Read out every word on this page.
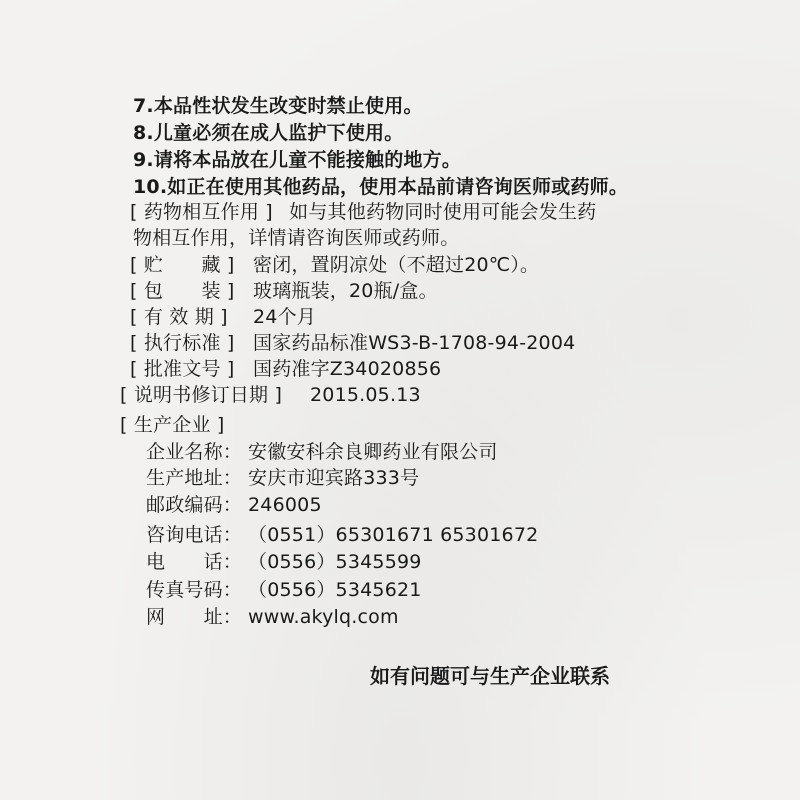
7.本品性状发生改变时禁止使用。
8.儿童必须在成人监护下使用。
9.请将本品放在儿童不能接触的地方。
10.如正在使用其他药品，使用本品前请咨询医师或药师。
[ 药物相互作用 ] 如与其他药物同时使用可能会发生药
物相互作用，详情请咨询医师或药师。
[ 贮　　藏 ] 密闭，置阴凉处（不超过20℃）。
[ 包　　装 ] 玻璃瓶装，20瓶/盒。
[ 有 效 期 ] 24个月
[ 执行标准 ] 国家药品标准WS3-B-1708-94-2004
[ 批准文号 ] 国药准字Z34020856
[ 说明书修订日期 ] 2015.05.13
[ 生产企业 ]
企业名称： 安徽安科余良卿药业有限公司
生产地址： 安庆市迎宾路333号
邮政编码： 246005
咨询电话： （0551）65301671 65301672
电　　话： （0556）5345599
传真号码： （0556）5345621
网　　址： www.akylq.com
如有问题可与生产企业联系
